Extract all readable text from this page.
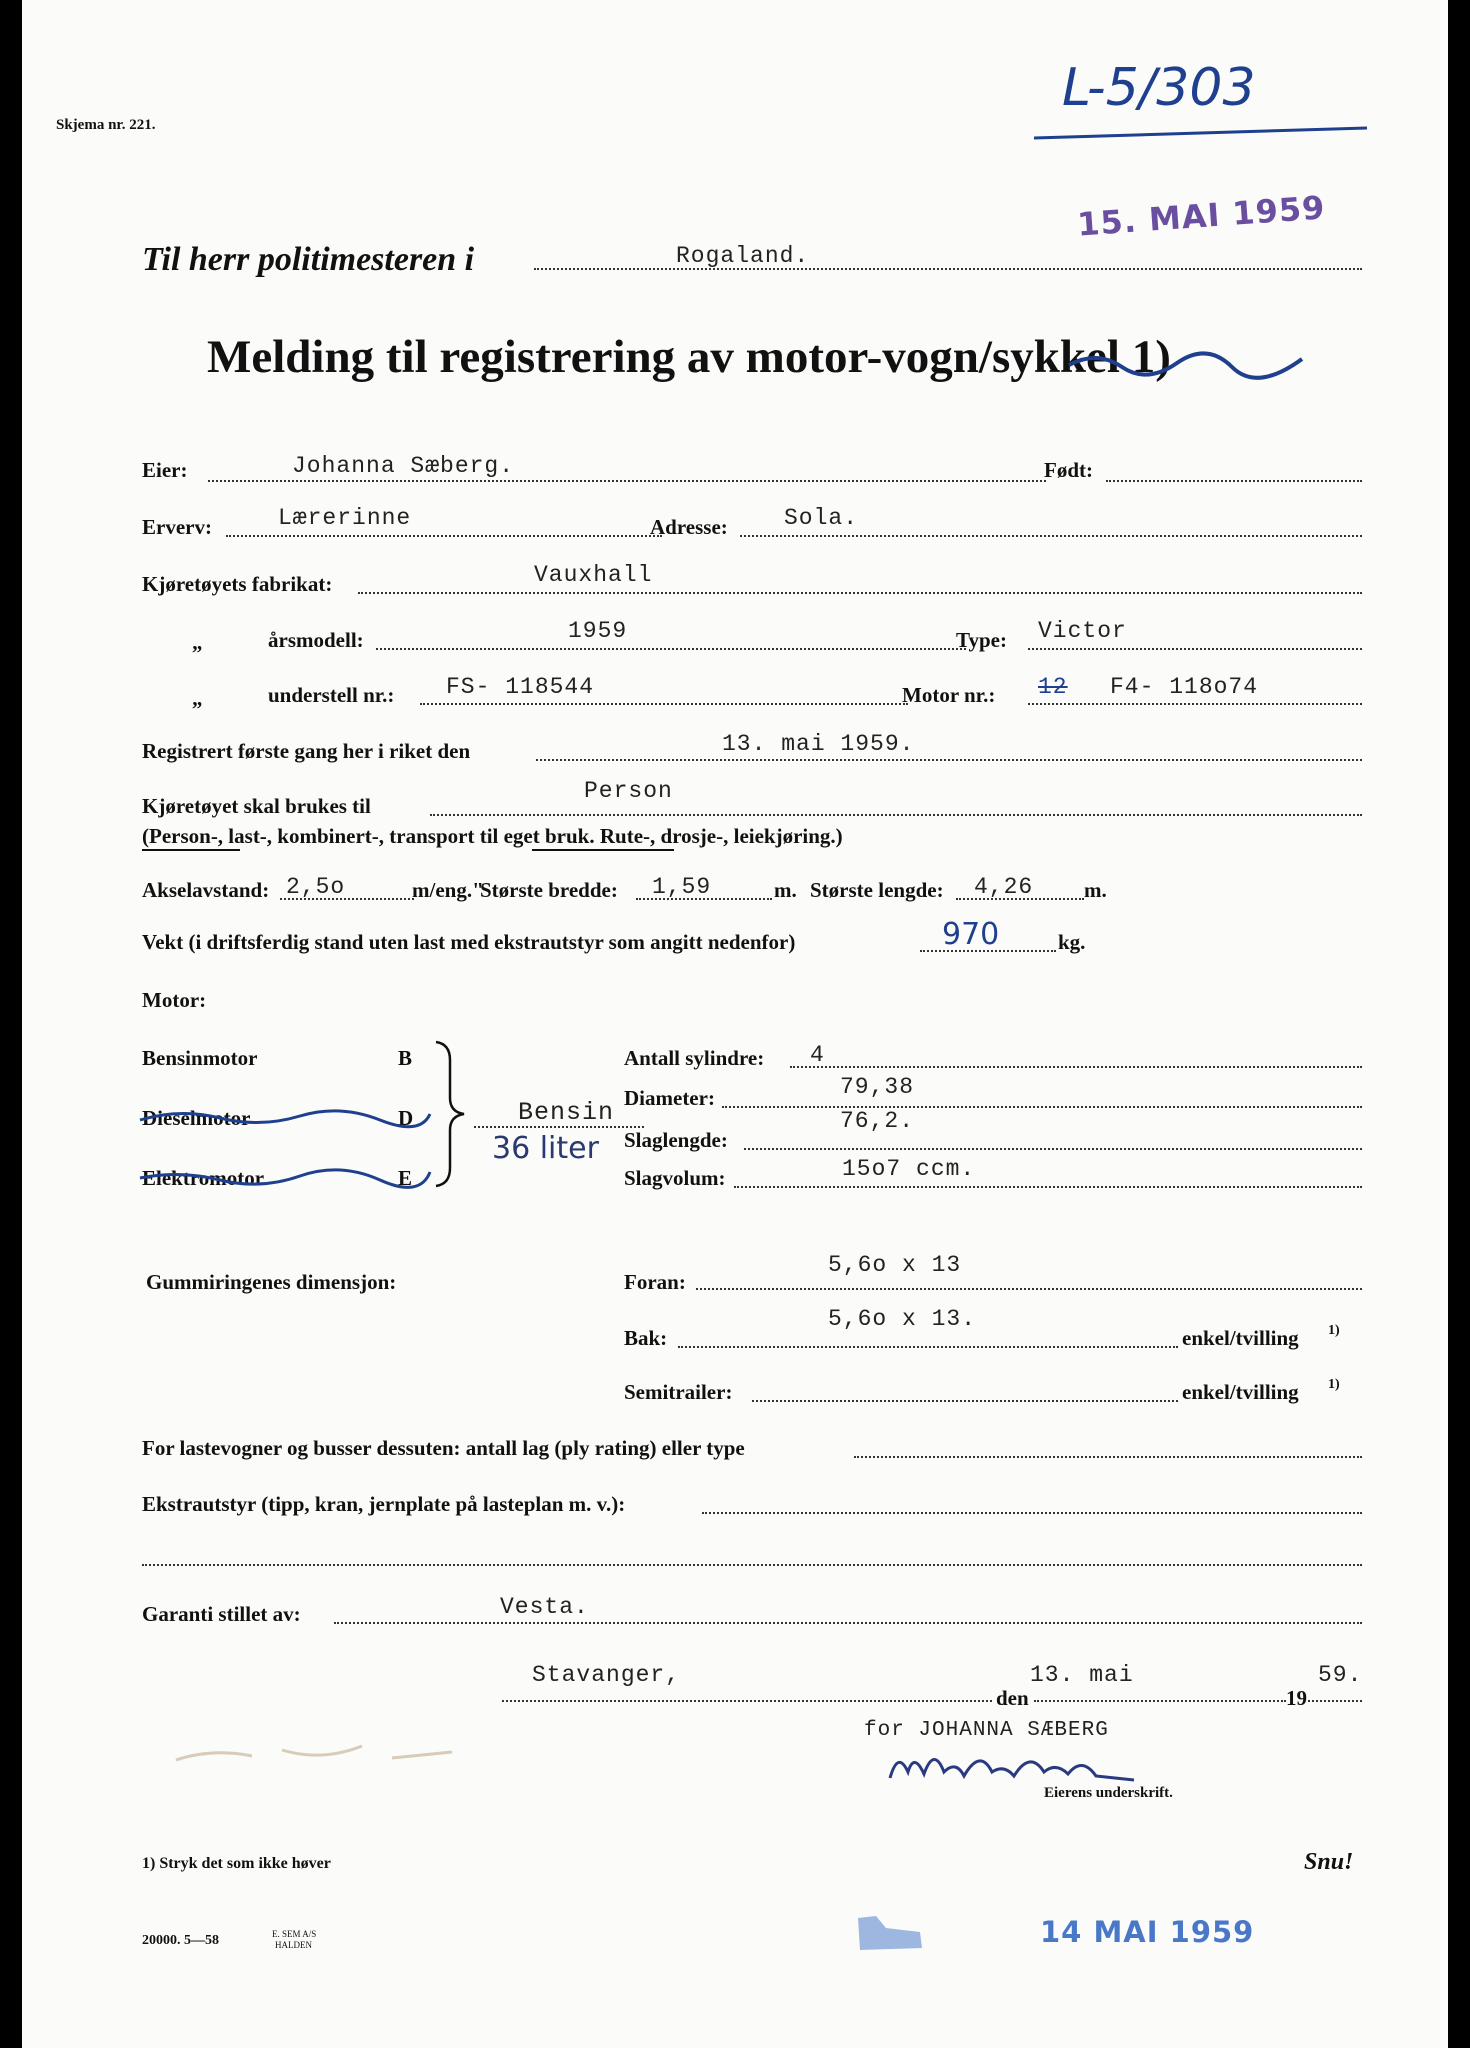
Skjema nr. 221.
L-5/303
15. MAI 1959
Til herr politimesteren i	Rogaland.
Melding til registrering av motor-vogn/sykkel 1)
Eier:	Johanna Sæberg.	Født:
Erverv:	Lærerinne	Adresse: Sola.
Kjøretøyets fabrikat:	Vauxhall
„	årsmodell:	1959	Type: Victor
„	understell nr.: FS- 118544	Motor nr.: 12 F4- 118o74
Registrert første gang her i riket den	13. mai 1959.
Kjøretøyet skal brukes til
Person
(Person-, last-, kombinert-, transport til eget bruk. Rute-, drosje-, leiekjøring.)
Akselavstand: 2,5o	m/eng."
Største bredde: 1,59	m. Største lengde: 4,26 m.
Vekt (i driftsferdig stand uten last med ekstrautstyr som angitt nedenfor)	970	kg.
Motor:
Bensinmotor	B
Dieselmotor	D
Elektromotor	E
Bensin
36 liter
Antall sylindre: 4
Diameter:	79,38
Slaglengde:
76,2.
Slagvolum:	15o7 ccm.
Gummiringenes dimensjon:	Foran:
5,6o x 13
Bak:
5,6o x 13.
enkel/tvilling 1)
Semitrailer:	enkel/tvilling 1)
For lastevogner og busser dessuten: antall lag (ply rating) eller type
Ekstrautstyr (tipp, kran, jernplate på lasteplan m. v.):
Garanti stillet av:	Vesta.
Stavanger,
den
13. mai
19
59.
for JOHANNA SÆBERG
Eierens underskrift.
1) Stryk det som ikke høver	Snu!
20000. 5—58	E. SEM A/S
HALDEN	14 MAI 1959
